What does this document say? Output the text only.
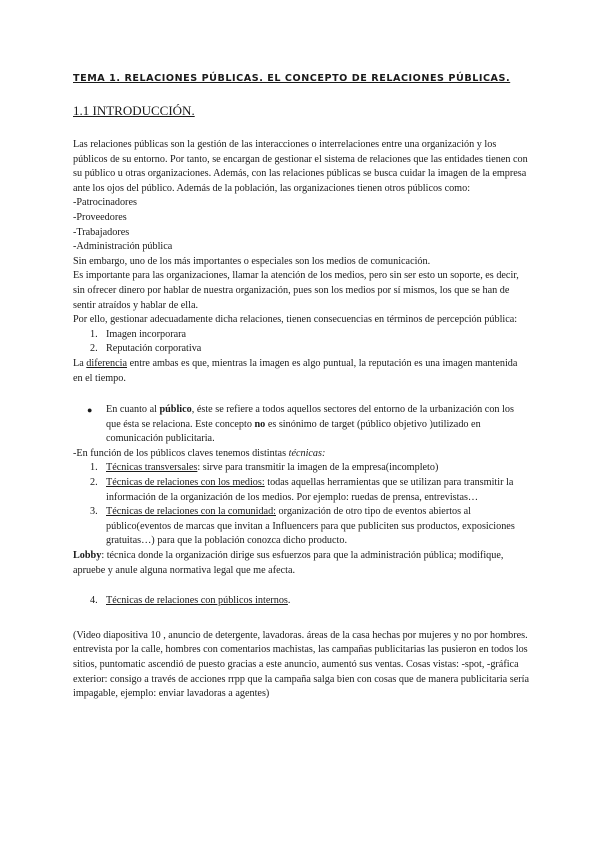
TEMA 1. RELACIONES PÚBLICAS. EL CONCEPTO DE RELACIONES PÚBLICAS.
1.1 INTRODUCCIÓN.

Las relaciones públicas son la gestión de las interacciones o interrelaciones entre una organización y los públicos de su entorno. Por tanto, se encargan de gestionar el sistema de relaciones que las entidades tienen con su público u otras organizaciones. Además, con las relaciones públicas se busca cuidar la imagen de la empresa ante los ojos del público. Además de la población, las organizaciones tienen otros públicos como:

-Patrocinadores
-Proveedores
-Trabajadores
-Administración pública

Sin embargo, uno de los más importantes o especiales son los medios de comunicación.

Es importante para las organizaciones, llamar la atención de los medios, pero sin ser esto un soporte, es decir, sin ofrecer dinero por hablar de nuestra organización, pues son los medios por sí mismos, los que se han de sentir atraídos y hablar de ella.

Por ello, gestionar adecuadamente dicha relaciones, tienen consecuencias en términos de percepción pública:

1. Imagen incorporara
2. Reputación corporativa

La diferencia entre ambas es que, mientras la imagen es algo puntual, la reputación es una imagen mantenida en el tiempo.

● En cuanto al público, éste se refiere a todos aquellos sectores del entorno de la urbanización con los que ésta se relaciona. Este concepto no es sinónimo de target (público objetivo )utilizado en comunicación publicitaria.

-En función de los públicos claves tenemos distintas técnicas:

1. Técnicas transversales: sirve para transmitir la imagen de la empresa(incompleto)
2. Técnicas de relaciones con los medios: todas aquellas herramientas que se utilizan para transmitir la información de la organización de los medios. Por ejemplo: ruedas de prensa, entrevistas…
3. Técnicas de relaciones con la comunidad: organización de otro tipo de eventos abiertos al público(eventos de marcas que invitan a Influencers para que publiciten sus productos, exposiciones gratuitas…) para que la población conozca dicho producto.

Lobby: técnica donde la organización dirige sus esfuerzos para que la administración pública; modifique, apruebe y anule alguna normativa legal que me afecta.

4. Técnicas de relaciones con públicos internos.

(Video diapositiva 10 , anuncio de detergente, lavadoras. áreas de la casa hechas por mujeres y no por hombres. entrevista por la calle, hombres con comentarios machistas, las campañas publicitarias las pusieron en todos los sitios, puntomatic ascendió de puesto gracias a este anuncio, aumentó sus ventas. Cosas vistas: -spot, -gráfica exterior: consigo a través de acciones rrpp que la campaña salga bien con cosas que de manera publicitaria sería impagable, ejemplo: enviar lavadoras a agentes)
